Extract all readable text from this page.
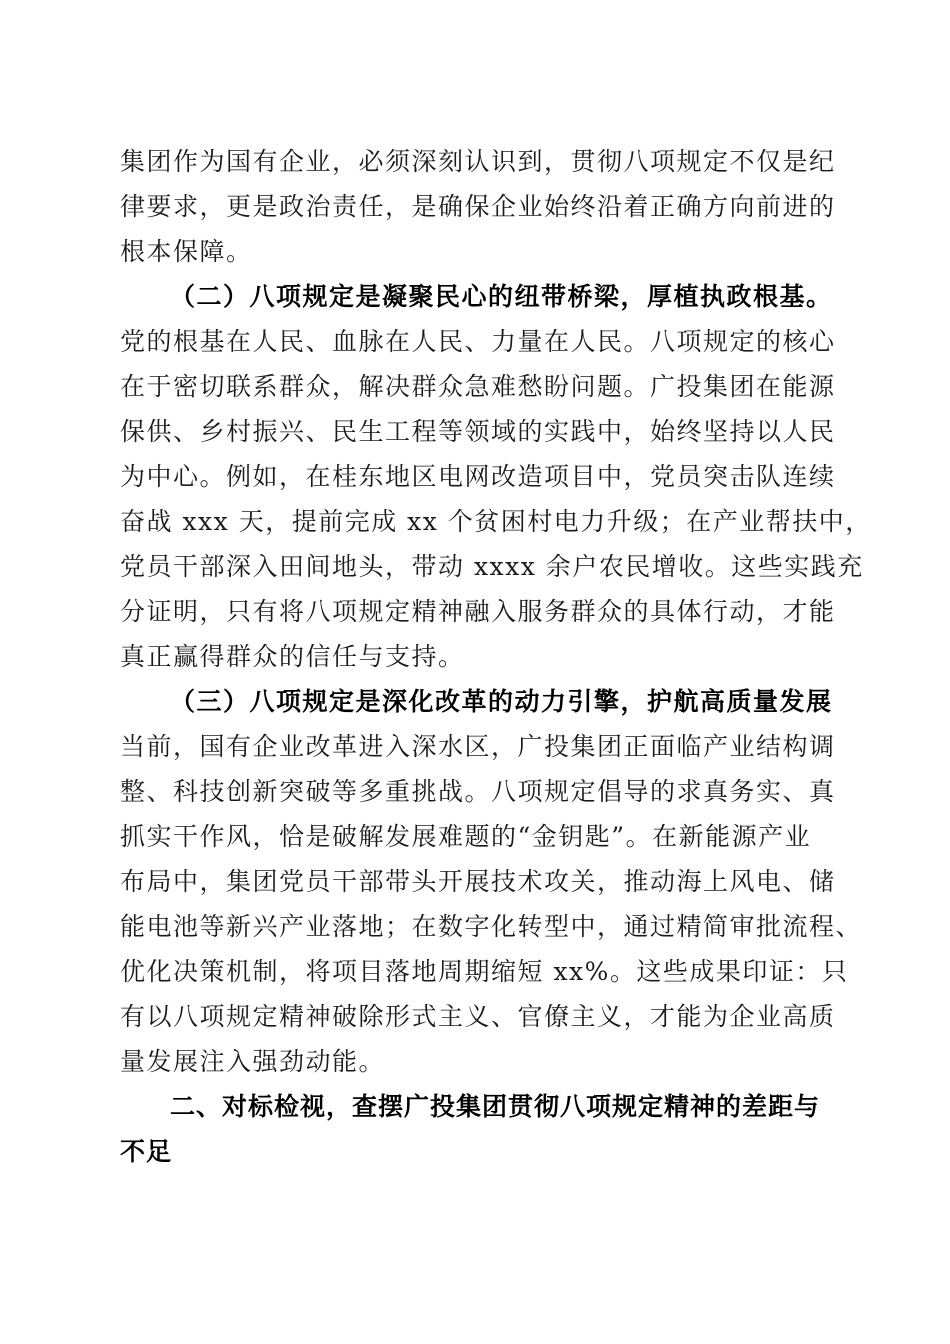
集团作为国有企业，必须深刻认识到，贯彻八项规定不仅是纪
律要求，更是政治责任，是确保企业始终沿着正确方向前进的
根本保障。
（二）八项规定是凝聚民心的纽带桥梁，厚植执政根基。
党的根基在人民、血脉在人民、力量在人民。八项规定的核心
在于密切联系群众，解决群众急难愁盼问题。广投集团在能源
保供、乡村振兴、民生工程等领域的实践中，始终坚持以人民
为中心。例如，在桂东地区电网改造项目中，党员突击队连续
奋战 xxx 天，提前完成 xx 个贫困村电力升级；在产业帮扶中，
党员干部深入田间地头，带动 xxxx 余户农民增收。这些实践充
分证明，只有将八项规定精神融入服务群众的具体行动，才能
真正赢得群众的信任与支持。
（三）八项规定是深化改革的动力引擎，护航高质量发展
当前，国有企业改革进入深水区，广投集团正面临产业结构调
整、科技创新突破等多重挑战。八项规定倡导的求真务实、真
抓实干作风，恰是破解发展难题的“金钥匙”。在新能源产业
布局中，集团党员干部带头开展技术攻关，推动海上风电、储
能电池等新兴产业落地；在数字化转型中，通过精简审批流程、
优化决策机制，将项目落地周期缩短 xx%。这些成果印证：只
有以八项规定精神破除形式主义、官僚主义，才能为企业高质
量发展注入强劲动能。
二、对标检视，查摆广投集团贯彻八项规定精神的差距与
不足
